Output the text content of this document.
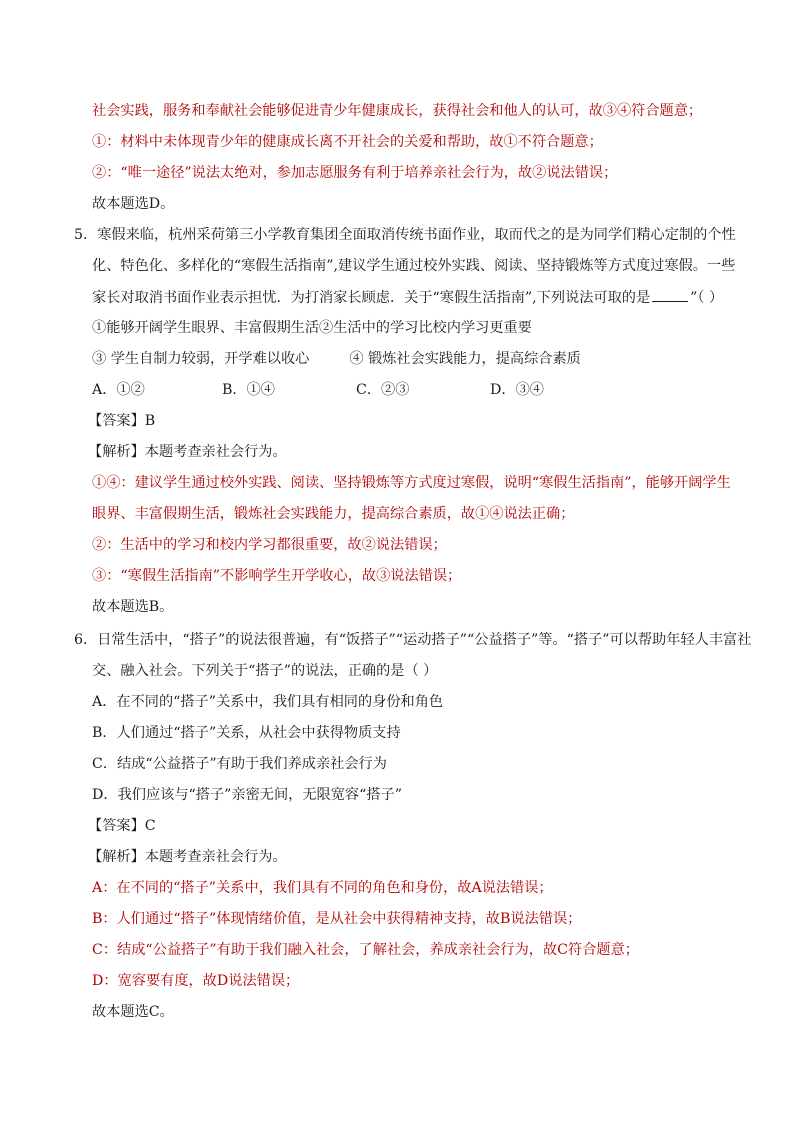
社会实践，服务和奉献社会能够促进青少年健康成长，获得社会和他人的认可，故③④符合题意；
①：材料中未体现青少年的健康成长离不开社会的关爱和帮助，故①不符合题意；
②：“唯一途径”说法太绝对，参加志愿服务有利于培养亲社会行为，故②说法错误；
故本题选D。
5．寒假来临，杭州采荷第三小学教育集团全面取消传统书面作业，取而代之的是为同学们精心定制的个性
化、特色化、多样化的“寒假生活指南”,建议学生通过校外实践、阅读、坚持锻炼等方式度过寒假。一些
家长对取消书面作业表示担忧．为打消家长顾虑．关于“寒假生活指南”,下列说法可取的是	”（ ）
①能够开阔学生眼界、丰富假期生活②生活中的学习比校内学习更重要
③ 学生自制力较弱，开学难以收心	④ 锻炼社会实践能力，提高综合素质
A．①②	B．①④	C．②③	D．③④
【答案】B
【解析】本题考查亲社会行为。
①④：建议学生通过校外实践、阅读、坚持锻炼等方式度过寒假，说明“寒假生活指南”，能够开阔学生
眼界、丰富假期生活，锻炼社会实践能力，提高综合素质，故①④说法正确；
②：生活中的学习和校内学习都很重要，故②说法错误；
③：“寒假生活指南”不影响学生开学收心，故③说法错误；
故本题选B。
6．日常生活中，“搭子”的说法很普遍，有“饭搭子”“运动搭子”“公益搭子”等。“搭子”可以帮助年轻人丰富社
交、融入社会。下列关于“搭子”的说法，正确的是（ ）
A．在不同的“搭子”关系中，我们具有相同的身份和角色
B．人们通过“搭子”关系，从社会中获得物质支持
C．结成“公益搭子”有助于我们养成亲社会行为
D．我们应该与“搭子”亲密无间，无限宽容“搭子”
【答案】C
【解析】本题考查亲社会行为。
A：在不同的“搭子”关系中，我们具有不同的角色和身份，故A说法错误；
B：人们通过“搭子”体现情绪价值，是从社会中获得精神支持，故B说法错误；
C：结成“公益搭子”有助于我们融入社会，了解社会，养成亲社会行为，故C符合题意；
D：宽容要有度，故D说法错误；
故本题选C。
